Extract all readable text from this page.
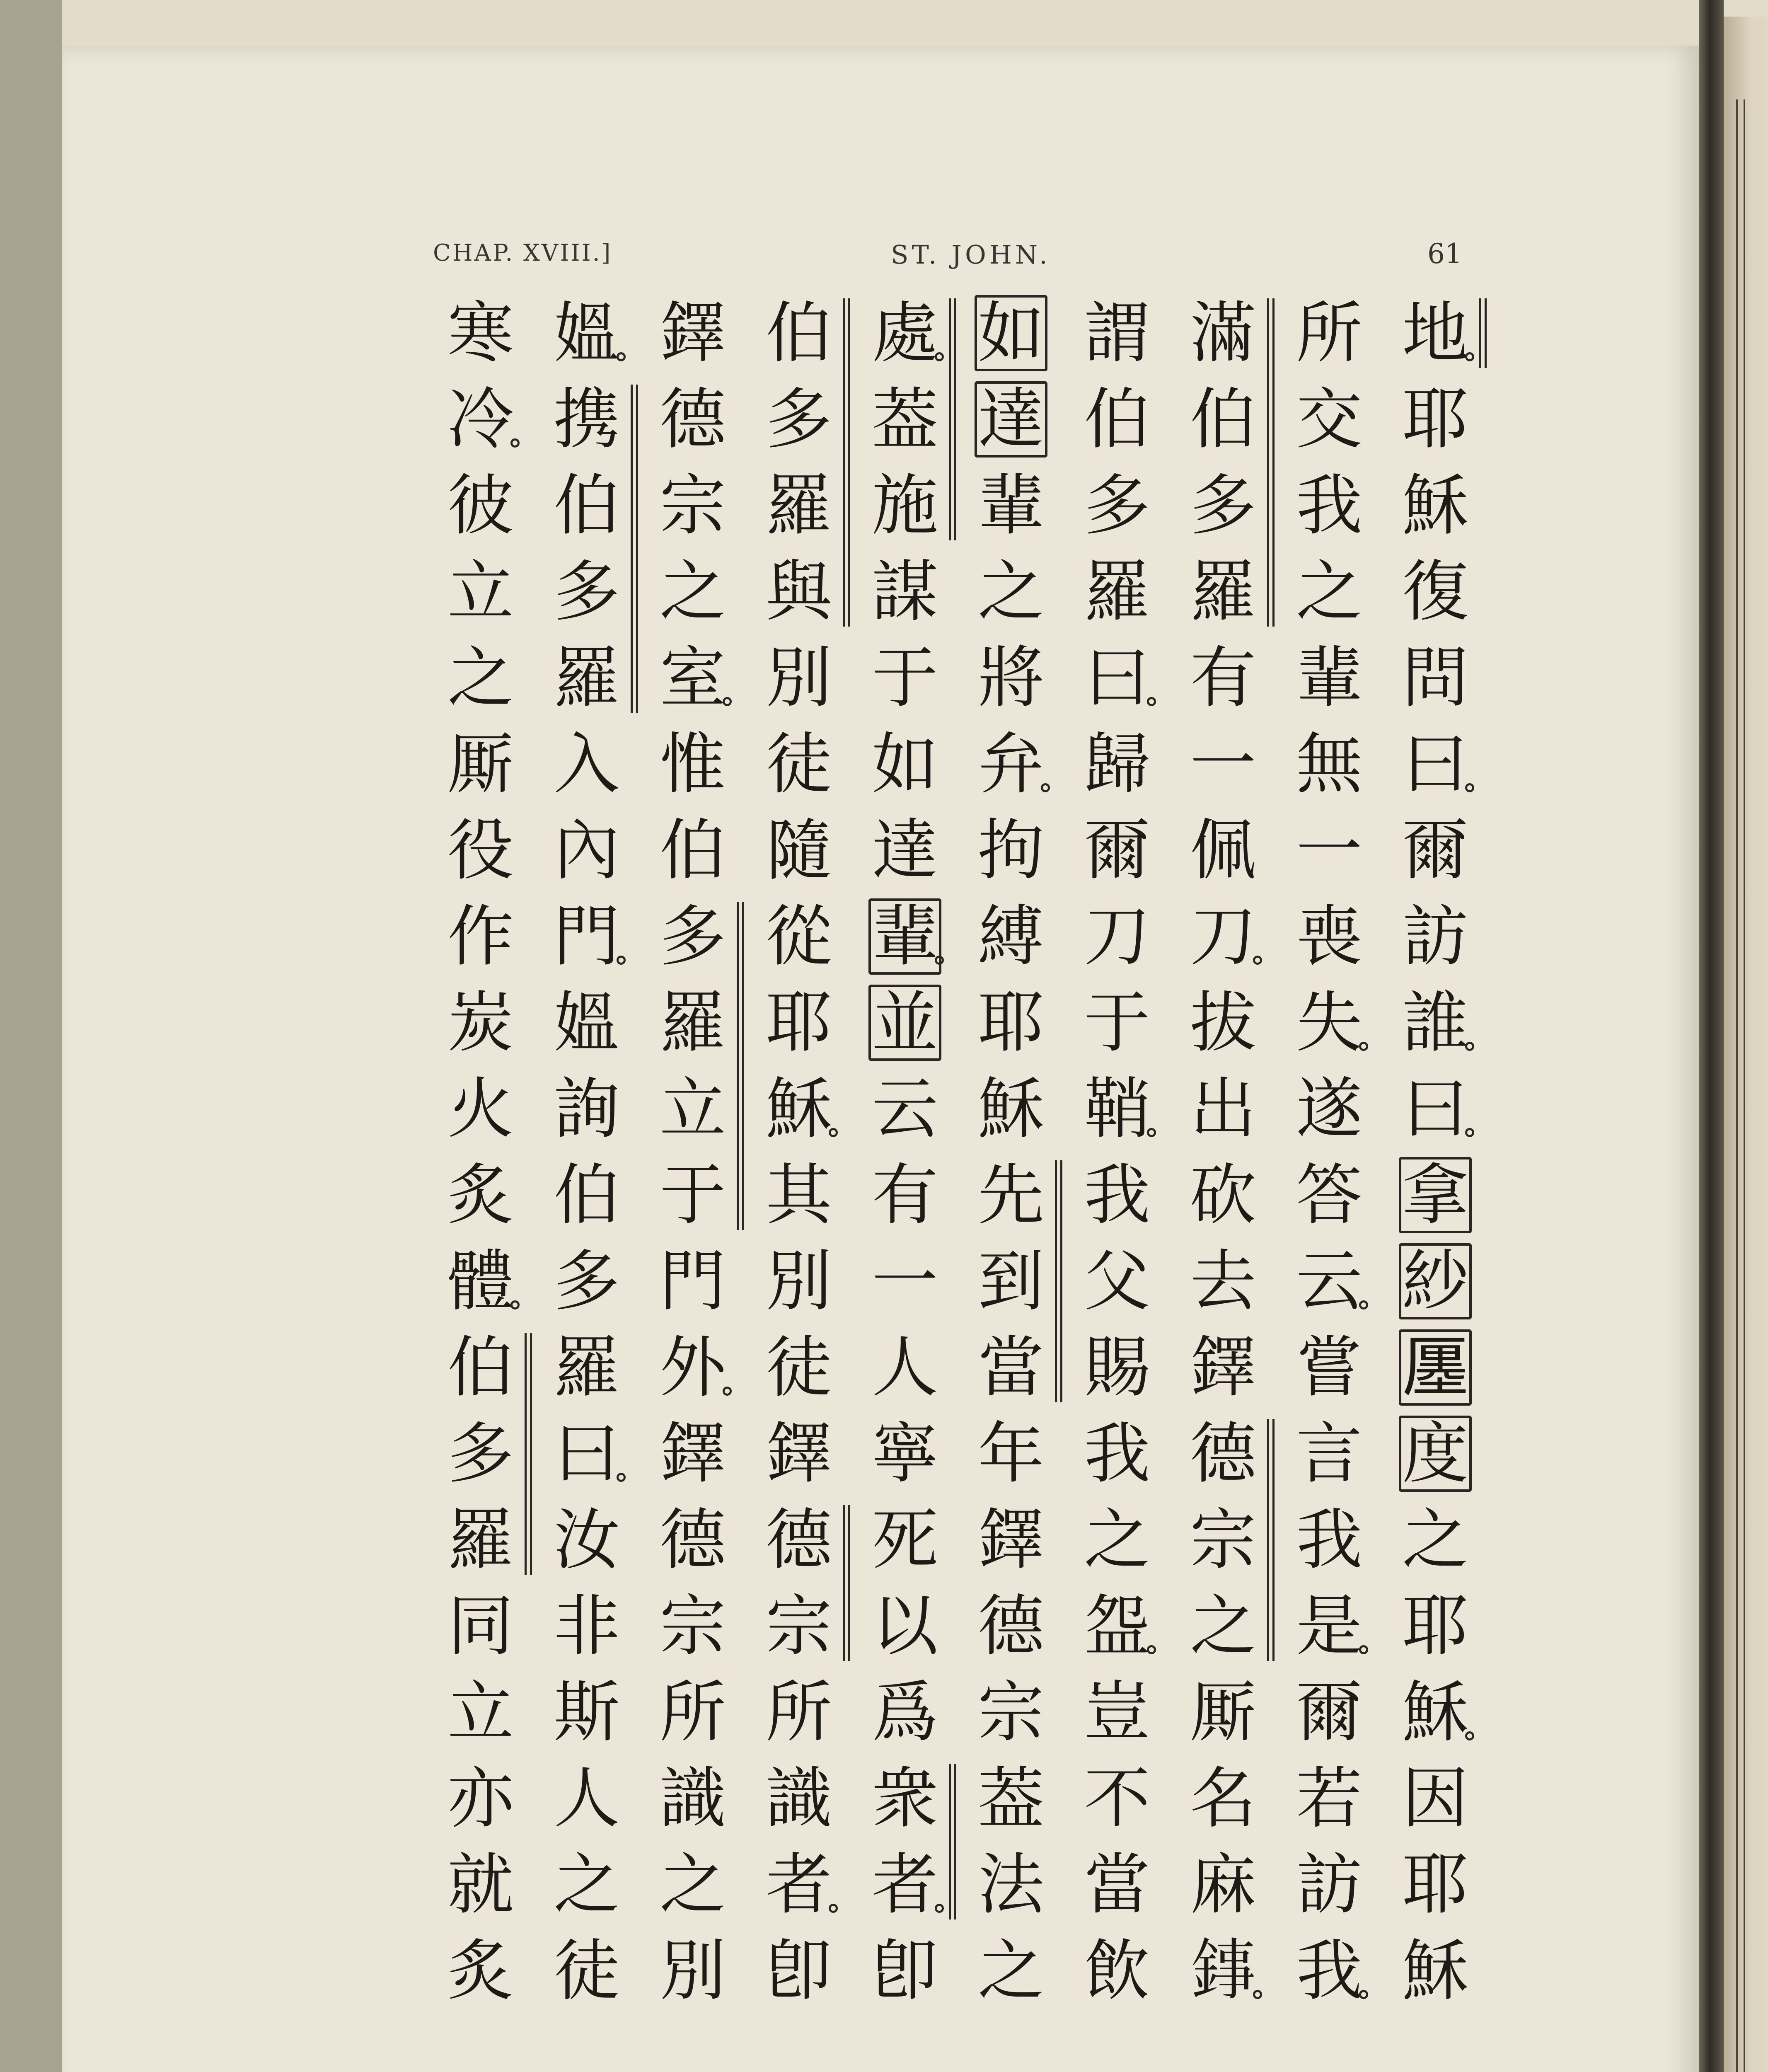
CHAP. XVIII.]	ST. JOHN.	61
地
耶
穌
復
問
曰
爾
訪
誰
曰
拿
紗
𠪨
度
之
耶
穌
因
耶
穌
所
交
我
之
輩
無
一
喪
失
遂
答
云
嘗
言
我
是
爾
若
訪
我
滿
伯
多
羅
有
一
佩
刀
拔
出
砍
去
鐸
德
宗
之
厮
名
麻
𨧫
謂
伯
多
羅
曰
歸
爾
刀
于
鞘
我
父
賜
我
之
盌
豈
不
當
飲
如
達
輩
之
將
弁
拘
縛
耶
穌
先
到
當
年
鐸
德
宗
葢
法
之
處
葢
施
謀
于
如
達
輩
並
云
有
一
人
寧
死
以
爲
衆
者
卽
伯
多
羅
與
別
徒
隨
從
耶
穌
其
別
徒
鐸
德
宗
所
識
者
卽
鐸
德
宗
之
室
惟
伯
多
羅
立
于
門
外
鐸
德
宗
所
識
之
別
媼
携
伯
多
羅
入
內
門
媼
詢
伯
多
羅
曰
汝
非
斯
人
之
徒
寒
冷
彼
立
之
厮
役
作
炭
火
炙
體
伯
多
羅
同
立
亦
就
炙
